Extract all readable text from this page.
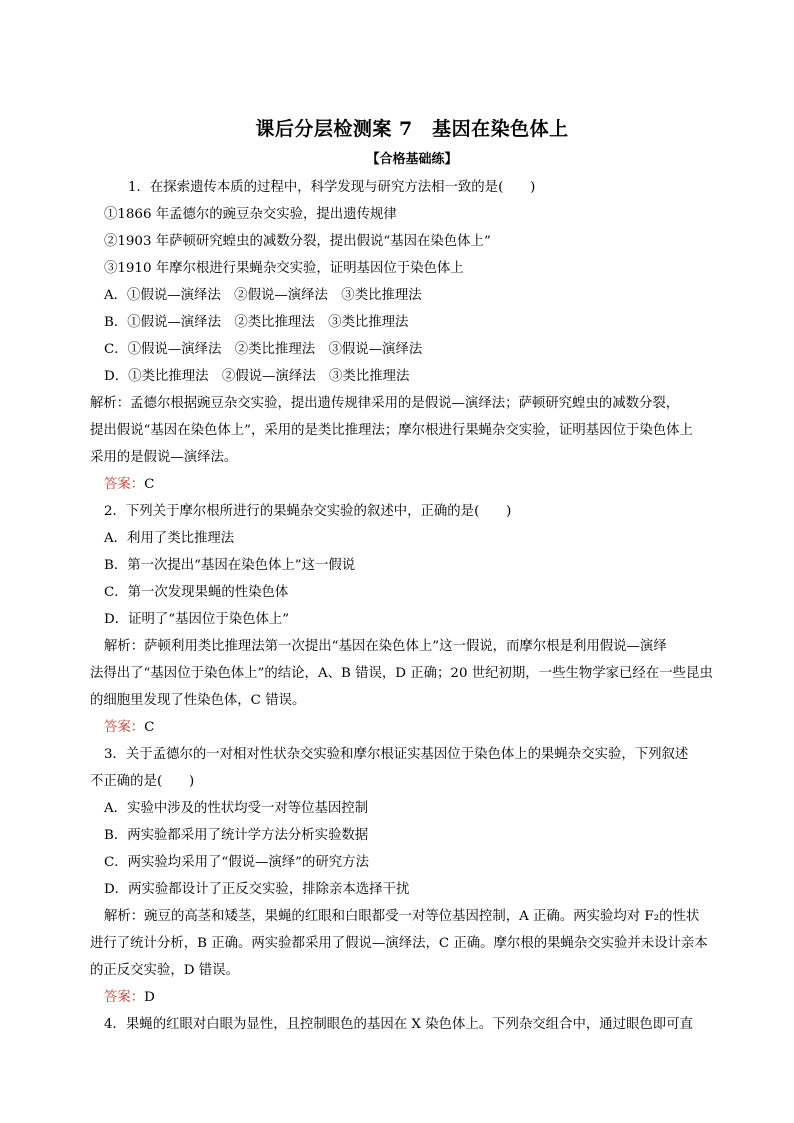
课后分层检测案 7　基因在染色体上
【合格基础练】
1．在探索遗传本质的过程中，科学发现与研究方法相一致的是(　　)
①1866 年孟德尔的豌豆杂交实验，提出遗传规律
②1903 年萨顿研究蝗虫的减数分裂，提出假说“基因在染色体上”
③1910 年摩尔根进行果蝇杂交实验，证明基因位于染色体上
A．①假说—演绎法　②假说—演绎法　③类比推理法
B．①假说—演绎法　②类比推理法　③类比推理法
C．①假说—演绎法　②类比推理法　③假说—演绎法
D．①类比推理法　②假说—演绎法　③类比推理法
解析：孟德尔根据豌豆杂交实验，提出遗传规律采用的是假说—演绎法；萨顿研究蝗虫的减数分裂，
提出假说“基因在染色体上”，采用的是类比推理法；摩尔根进行果蝇杂交实验，证明基因位于染色体上
采用的是假说—演绎法。
答案：C
2．下列关于摩尔根所进行的果蝇杂交实验的叙述中，正确的是(　　)
A．利用了类比推理法
B．第一次提出“基因在染色体上”这一假说
C．第一次发现果蝇的性染色体
D．证明了“基因位于染色体上”
解析：萨顿利用类比推理法第一次提出“基因在染色体上”这一假说，而摩尔根是利用假说—演绎
法得出了“基因位于染色体上”的结论，A、B 错误，D 正确；20 世纪初期，一些生物学家已经在一些昆虫
的细胞里发现了性染色体，C 错误。
答案：C
3．关于孟德尔的一对相对性状杂交实验和摩尔根证实基因位于染色体上的果蝇杂交实验，下列叙述
不正确的是(　　)
A．实验中涉及的性状均受一对等位基因控制
B．两实验都采用了统计学方法分析实验数据
C．两实验均采用了“假说—演绎”的研究方法
D．两实验都设计了正反交实验，排除亲本选择干扰
解析：豌豆的高茎和矮茎，果蝇的红眼和白眼都受一对等位基因控制，A 正确。两实验均对 F₂的性状
进行了统计分析，B 正确。两实验都采用了假说—演绎法，C 正确。摩尔根的果蝇杂交实验并未设计亲本
的正反交实验，D 错误。
答案：D
4．果蝇的红眼对白眼为显性，且控制眼色的基因在 X 染色体上。下列杂交组合中，通过眼色即可直
